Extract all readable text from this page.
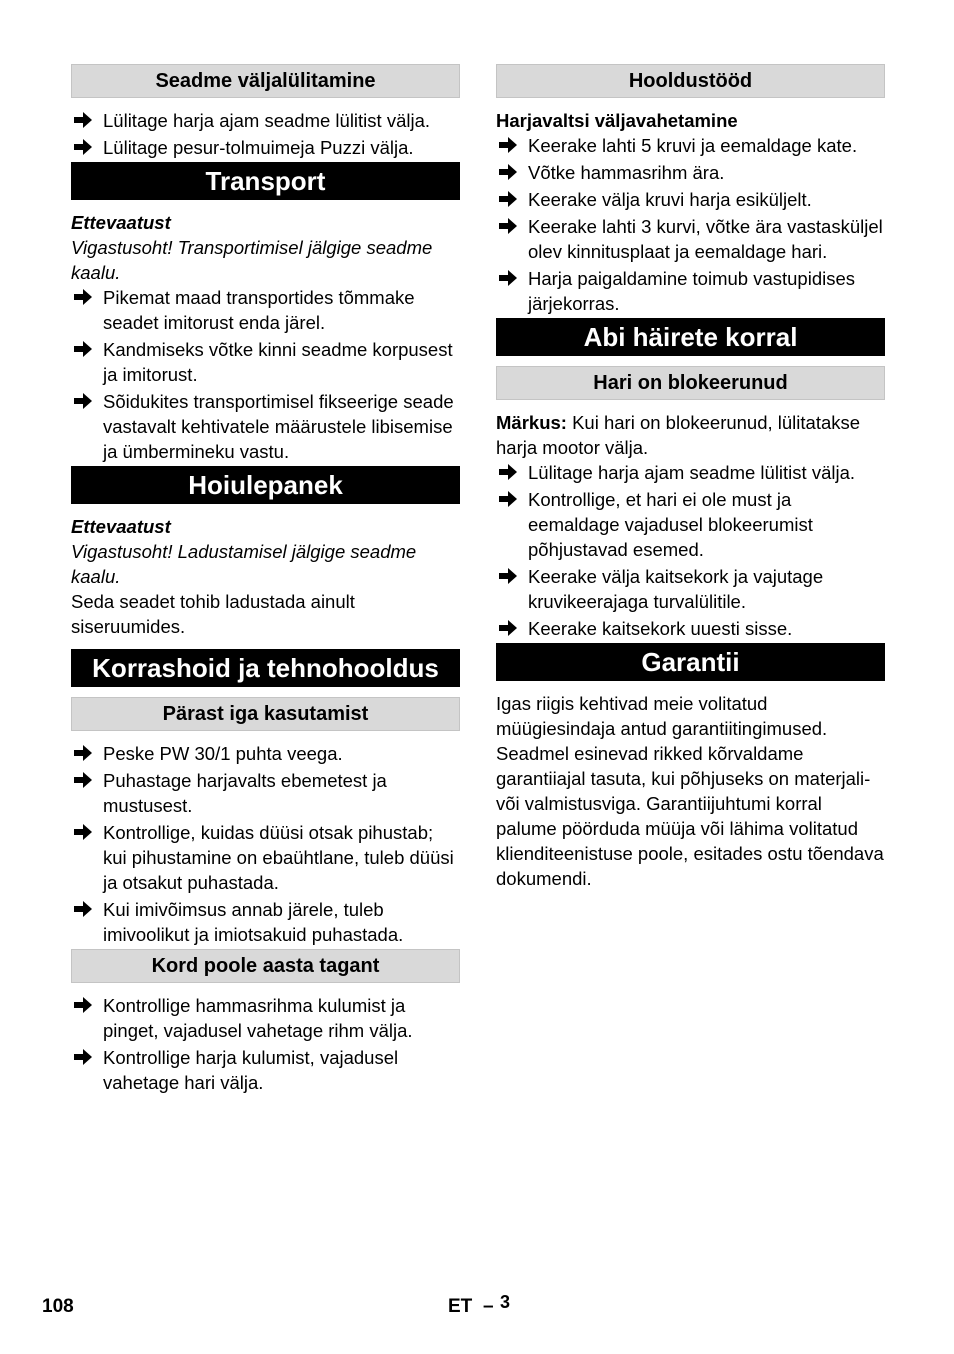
Seadme väljalülitamine
Lülitage harja ajam seadme lülitist välja.
Lülitage pesur-tolmuimeja Puzzi välja.
Transport
Ettevaatust
Vigastusoht! Transportimisel jälgige seadme kaalu.
Pikemat maad transportides tõmmake seadet imitorust enda järel.
Kandmiseks võtke kinni seadme korpusest ja imitorust.
Sõidukites transportimisel fikseerige seade vastavalt kehtivatele määrustele libisemise ja ümbermineku vastu.
Hoiulepanek
Ettevaatust
Vigastusoht! Ladustamisel jälgige seadme kaalu.
Seda seadet tohib ladustada ainult siseruumides.
Korrashoid ja tehnohooldus
Pärast iga kasutamist
Peske PW 30/1 puhta veega.
Puhastage harjavalts ebemetest ja mustusest.
Kontrollige, kuidas düüsi otsak pihustab; kui pihustamine on ebaühtlane, tuleb düüsi ja otsakut puhastada.
Kui imivõimsus annab järele, tuleb imivoolikut ja imiotsakuid puhastada.
Kord poole aasta tagant
Kontrollige hammasrihma kulumist ja pinget, vajadusel vahetage rihm välja.
Kontrollige harja kulumist, vajadusel vahetage hari välja.
Hooldustööd
Harjavaltsi väljavahetamine
Keerake lahti 5 kruvi ja eemaldage kate.
Võtke hammasrihm ära.
Keerake välja kruvi harja esiküljelt.
Keerake lahti 3 kurvi, võtke ära vastasküljel olev kinnitusplaat ja eemaldage hari.
Harja paigaldamine toimub vastupidises järjekorras.
Abi häirete korral
Hari on blokeerunud
Märkus: Kui hari on blokeerunud, lülitatakse harja mootor välja.
Lülitage harja ajam seadme lülitist välja.
Kontrollige, et hari ei ole must ja eemaldage vajadusel blokeerumist põhjustavad esemed.
Keerake välja kaitsekork ja vajutage kruvikeerajaga turvalülitile.
Keerake kaitsekork uuesti sisse.
Garantii
Igas riigis kehtivad meie volitatud müügiesindaja antud garantiitingimused. Seadmel esinevad rikked kõrvaldame garantiiajal tasuta, kui põhjuseks on materjali- või valmistusviga. Garantiijuhtumi korral palume pöörduda müüja või lähima volitatud klienditeenistuse poole, esitades ostu tõendava dokumendi.
108	ET – 3
